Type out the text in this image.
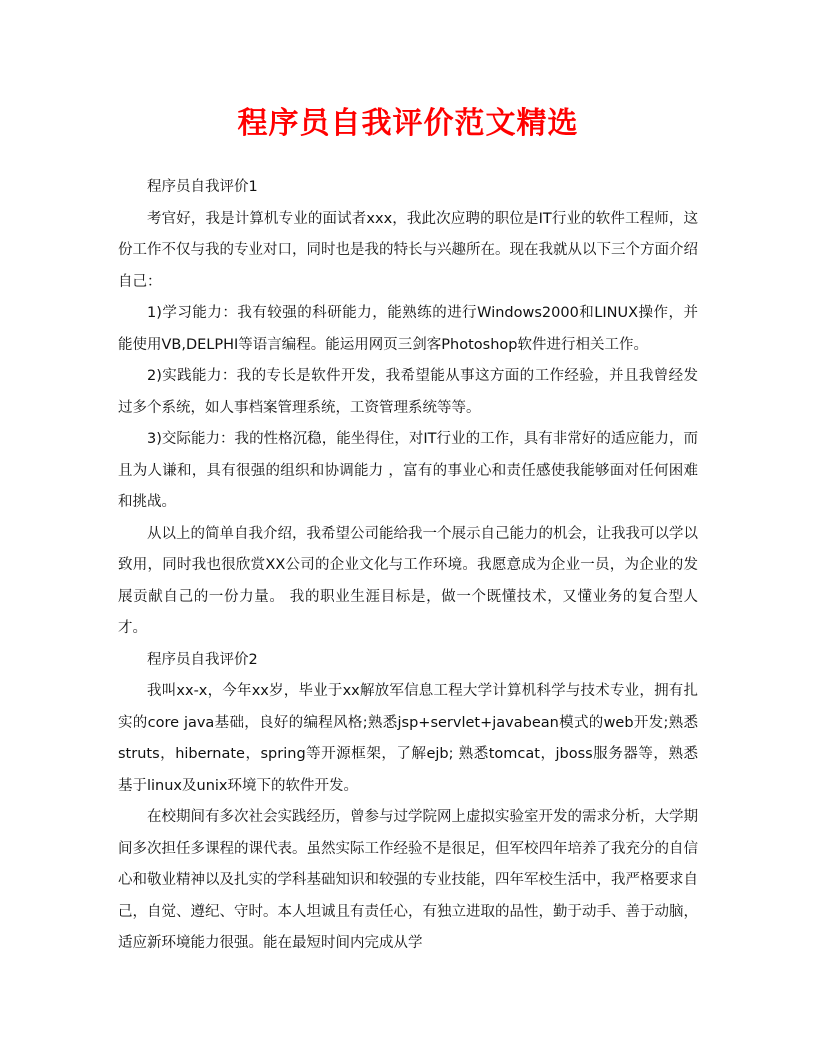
程序员自我评价范文精选

程序员自我评价1

考官好，我是计算机专业的面试者xxx，我此次应聘的职位是IT行业的软件工程师，这份工作不仅与我的专业对口，同时也是我的特长与兴趣所在。现在我就从以下三个方面介绍自己：

1)学习能力：我有较强的科研能力，能熟练的进行Windows2000和LINUX操作，并能使用VB,DELPHI等语言编程。能运用网页三剑客Photoshop软件进行相关工作。

2)实践能力：我的专长是软件开发，我希望能从事这方面的工作经验，并且我曾经发过多个系统，如人事档案管理系统，工资管理系统等等。

3)交际能力：我的性格沉稳，能坐得住，对IT行业的工作，具有非常好的适应能力，而且为人谦和，具有很强的组织和协调能力 ，富有的事业心和责任感使我能够面对任何困难和挑战。

从以上的简单自我介绍，我希望公司能给我一个展示自己能力的机会，让我我可以学以致用，同时我也很欣赏XX公司的企业文化与工作环境。我愿意成为企业一员，为企业的发展贡献自己的一份力量。 我的职业生涯目标是，做一个既懂技术，又懂业务的复合型人才。

程序员自我评价2

我叫xx-x，今年xx岁，毕业于xx解放军信息工程大学计算机科学与技术专业，拥有扎实的core java基础，良好的编程风格;熟悉jsp+servlet+javabean模式的web开发;熟悉struts，hibernate，spring等开源框架，了解ejb; 熟悉tomcat，jboss服务器等，熟悉基于linux及unix环境下的软件开发。

在校期间有多次社会实践经历，曾参与过学院网上虚拟实验室开发的需求分析，大学期间多次担任多课程的课代表。虽然实际工作经验不是很足，但军校四年培养了我充分的自信心和敬业精神以及扎实的学科基础知识和较强的专业技能，四年军校生活中，我严格要求自己，自觉、遵纪、守时。本人坦诚且有责任心，有独立进取的品性，勤于动手、善于动脑，适应新环境能力很强。能在最短时间内完成从学
